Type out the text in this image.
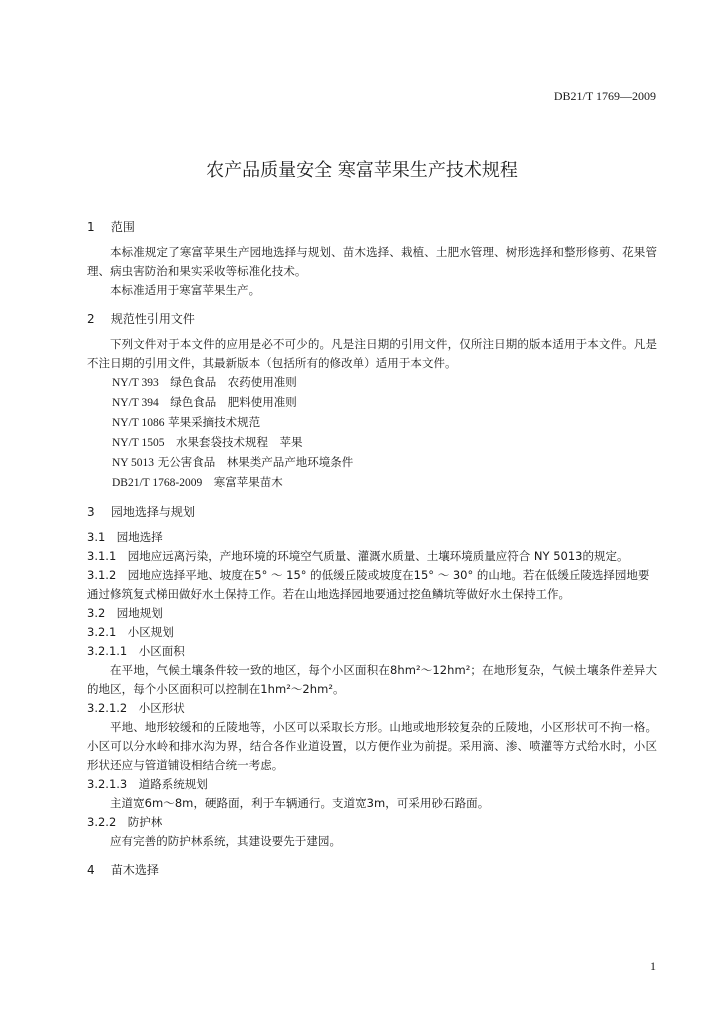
DB21/T 1769—2009
农产品质量安全 寒富苹果生产技术规程
1 范围

本标准规定了寒富苹果生产园地选择与规划、苗木选择、栽植、土肥水管理、树形选择和整形修剪、花果管理、病虫害防治和果实采收等标准化技术。

本标准适用于寒富苹果生产。

2 规范性引用文件

下列文件对于本文件的应用是必不可少的。凡是注日期的引用文件，仅所注日期的版本适用于本文件。凡是不注日期的引用文件，其最新版本（包括所有的修改单）适用于本文件。

NY/T 393　 绿色食品　农药使用准则

NY/T 394　 绿色食品　肥料使用准则

NY/T 1086 苹果采摘技术规范

NY/T 1505　 水果套袋技术规程　苹果

NY 5013 无公害食品　林果类产品产地环境条件

DB21/T 1768-2009　 寒富苹果苗木

3 园地选择与规划

3.1　园地选择

3.1.1　园地应远离污染，产地环境的环境空气质量、灌溉水质量、土壤环境质量应符合 NY 5013的规定。

3.1.2　园地应选择平地、坡度在5° ～ 15° 的低缓丘陵或坡度在15° ～ 30° 的山地。若在低缓丘陵选择园地要通过修筑复式梯田做好水土保持工作。若在山地选择园地要通过挖鱼鳞坑等做好水土保持工作。

3.2　园地规划

3.2.1　小区规划

3.2.1.1　小区面积

在平地，气候土壤条件较一致的地区，每个小区面积在8hm²～12hm²；在地形复杂，气候土壤条件差异大的地区，每个小区面积可以控制在1hm²～2hm²。

3.2.1.2　小区形状

平地、地形较缓和的丘陵地等，小区可以采取长方形。山地或地形较复杂的丘陵地，小区形状可不拘一格。小区可以分水岭和排水沟为界，结合各作业道设置，以方便作业为前提。采用滴、渗、喷灌等方式给水时，小区形状还应与管道铺设相结合统一考虑。

3.2.1.3　道路系统规划

主道宽6m～8m，硬路面，利于车辆通行。支道宽3m，可采用砂石路面。

3.2.2　防护林

应有完善的防护林系统，其建设要先于建园。

4 苗木选择
1
